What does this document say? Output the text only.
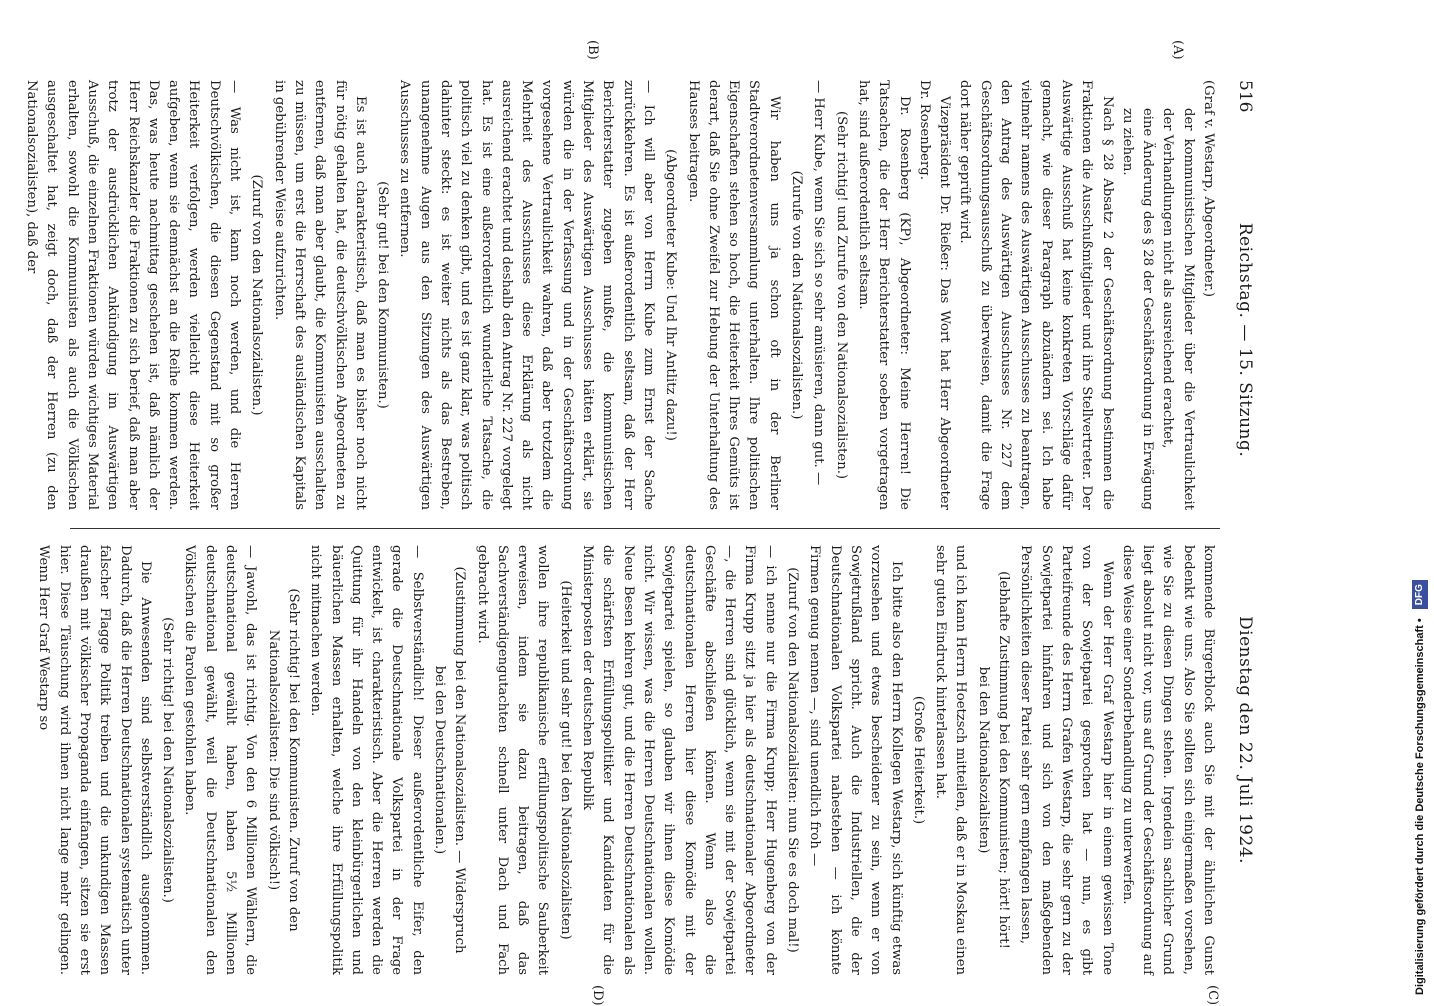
516
Reichstag. — 15. Sitzung.
Dienstag den 22. Juli 1924.
(A)
(B)
(C)
(D)

(Graf v. Westarp, Abgeordneter.)

der kommunistischen Mitglieder über die Vertraulichkeit der Verhandlungen nicht als ausreichend erachtet,

eine Änderung des § 28 der Geschäftsordnung in Erwägung zu ziehen.

Nach § 28 Absatz 2 der Geschäftsordnung bestimmen die Fraktionen die Ausschußmitglieder und ihre Stellvertreter. Der Auswärtige Ausschuß hat keine konkreten Vorschläge dafür gemacht, wie dieser Paragraph abzuändern sei. Ich habe vielmehr namens des Auswärtigen Ausschusses zu beantragen, den Antrag des Auswärtigen Ausschusses Nr. 227 dem Geschäftsordnungsausschuß zu überweisen, damit die Frage dort näher geprüft wird.

Vizepräsident Dr. Rießer: Das Wort hat Herr Abgeordneter Dr. Rosenberg.

Dr. Rosenberg (KP), Abgeordneter: Meine Herren! Die Tatsachen, die der Herr Berichterstatter soeben vorgetragen hat, sind außerordentlich seltsam.

(Sehr richtig! und Zurufe von den Nationalsozialisten.)

— Herr Kube, wenn Sie sich so sehr amüsieren, dann gut. —

(Zurufe von den Nationalsozialisten.)

Wir haben uns ja schon oft in der Berliner Stadtverordnetenversammlung unterhalten. Ihre politischen Eigenschaften stehen so hoch, die Heiterkeit Ihres Gemüts ist derart, daß Sie ohne Zweifel zur Hebung der Unterhaltung des Hauses beitragen.

(Abgeordneter Kube: Und Ihr Antlitz dazu!)

— Ich will aber von Herrn Kube zum Ernst der Sache zurückkehren. Es ist außerordentlich seltsam, daß der Herr Berichterstatter zugeben mußte, die kommunistischen Mitglieder des Auswärtigen Ausschusses hätten erklärt, sie würden die in der Verfassung und in der Geschäftsordnung vorgesehene Vertraulichkeit wahren, daß aber trotzdem die Mehrheit des Ausschusses diese Erklärung als nicht ausreichend erachtet und deshalb den Antrag Nr. 227 vorgelegt hat. Es ist eine außerordentlich wunderliche Tatsache, die politisch viel zu denken gibt, und es ist ganz klar, was politisch dahinter steckt: es ist weiter nichts als das Bestreben, unangenehme Augen aus den Sitzungen des Auswärtigen Ausschusses zu entfernen.

(Sehr gut! bei den Kommunisten.)

Es ist auch charakteristisch, daß man es bisher noch nicht für nötig gehalten hat, die deutschvölkischen Abgeordneten zu entfernen, daß man aber glaubt, die Kommunisten ausschalten zu müssen, um erst die Herrschaft des ausländischen Kapitals in gebührender Weise aufzurichten.

(Zuruf von den Nationalsozialisten.)

— Was nicht ist, kann noch werden, und die Herren Deutschvölkischen, die diesen Gegenstand mit so großer Heiterkeit verfolgen, werden vielleicht diese Heiterkeit aufgeben, wenn sie demnächst an die Reihe kommen werden. Das, was heute nachmittag geschehen ist, daß nämlich der Herr Reichskanzler die Fraktionen zu sich berief, daß man aber trotz der ausdrücklichen Ankündigung im Auswärtigen Ausschuß, die einzelnen Fraktionen würden wichtiges Material erhalten, sowohl die Kommunisten als auch die Völkischen ausgeschaltet hat, zeigt doch, daß der Herren (zu den Nationalsozialisten), daß der

kommende Bürgerblock auch Sie mit der ähnlichen Gunst bedenkt wie uns. Also Sie sollten sich einigermaßen vorsehen, wie Sie zu diesen Dingen stehen. Irgendein sachlicher Grund liegt absolut nicht vor, uns auf Grund der Geschäftsordnung auf diese Weise einer Sonderbehandlung zu unterwerfen.

Wenn der Herr Graf Westarp hier in einem gewissen Tone von der Sowjetpartei gesprochen hat — nun, es gibt Parteifreunde des Herrn Grafen Westarp, die sehr gern zu der Sowjetpartei hinfahren und sich von den maßgebenden Persönlichkeiten dieser Partei sehr gern empfangen lassen,

(lebhafte Zustimmung bei den Kommunisten; hört! hört! bei den Nationalsozialisten)

und ich kann Herrn Hoetzsch mitteilen, daß er in Moskau einen sehr guten Eindruck hinterlassen hat.

(Große Heiterkeit.)

Ich bitte also den Herrn Kollegen Westarp, sich künftig etwas vorzusehen und etwas bescheidener zu sein, wenn er von Sowjetrußland spricht. Auch die Industriellen, die der Deutschnationalen Volkspartei nahestehen — ich könnte Firmen genug nennen —, sind unendlich froh —

(Zuruf von den Nationalsozialisten: nun Sie es doch mal!)

— ich nenne nur die Firma Krupp; Herr Hugenberg von der Firma Krupp sitzt ja hier als deutschnationaler Abgeordneter —, die Herren sind glücklich, wenn sie mit der Sowjetpartei Geschäfte abschließen können. Wenn also die deutschnationalen Herren hier diese Komödie mit der Sowjetpartei spielen, so glauben wir ihnen diese Komödie nicht. Wir wissen, was die Herren Deutschnationalen wollen. Neue Besen kehren gut, und die Herren Deutschnationalen als die schärfsten Erfüllungspolitiker und Kandidaten für die Ministerposten der deutschen Republik

(Heiterkeit und sehr gut! bei den Nationalsozialisten)

wollen ihre republikanische erfüllungspolitische Sauberkeit erweisen, indem sie dazu beitragen, daß das Sachverständigengutachten schnell unter Dach und Fach gebracht wird.

(Zustimmung bei den Nationalsozialisten. — Widerspruch bei den Deutschnationalen.)

— Selbstverständlich! Dieser außerordentliche Eifer, den gerade die Deutschnationale Volkspartei in der Frage entwickelt, ist charakteristisch. Aber die Herren werden die Quittung für ihr Handeln von den kleinbürgerlichen und bäuerlichen Massen erhalten, welche ihre Erfüllungspolitik nicht mitmachen werden.

(Sehr richtig! bei den Kommunisten. Zuruf von den Nationalsozialisten: Die sind völkisch!)

— Jawohl, das ist richtig. Von den 6 Millionen Wählern, die deutschnational gewählt haben, haben 5½ Millionen deutschnational gewählt, weil die Deutschnationalen den Völkischen die Parolen gestohlen haben.

(Sehr richtig! bei den Nationalsozialisten.)

Die Anwesenden sind selbstverständlich ausgenommen. Dadurch, daß die Herren Deutschnationalen systematisch unter falscher Flagge Politik treiben und die unkundigen Massen draußen mit völkischer Propaganda einfangen, sitzen sie erst hier. Diese Täuschung wird ihnen nicht lange mehr gelingen. Wenn Herr Graf Westarp so	Digitalisierung gefördert durch die Deutsche Forschungsgemeinschaft • DFG
